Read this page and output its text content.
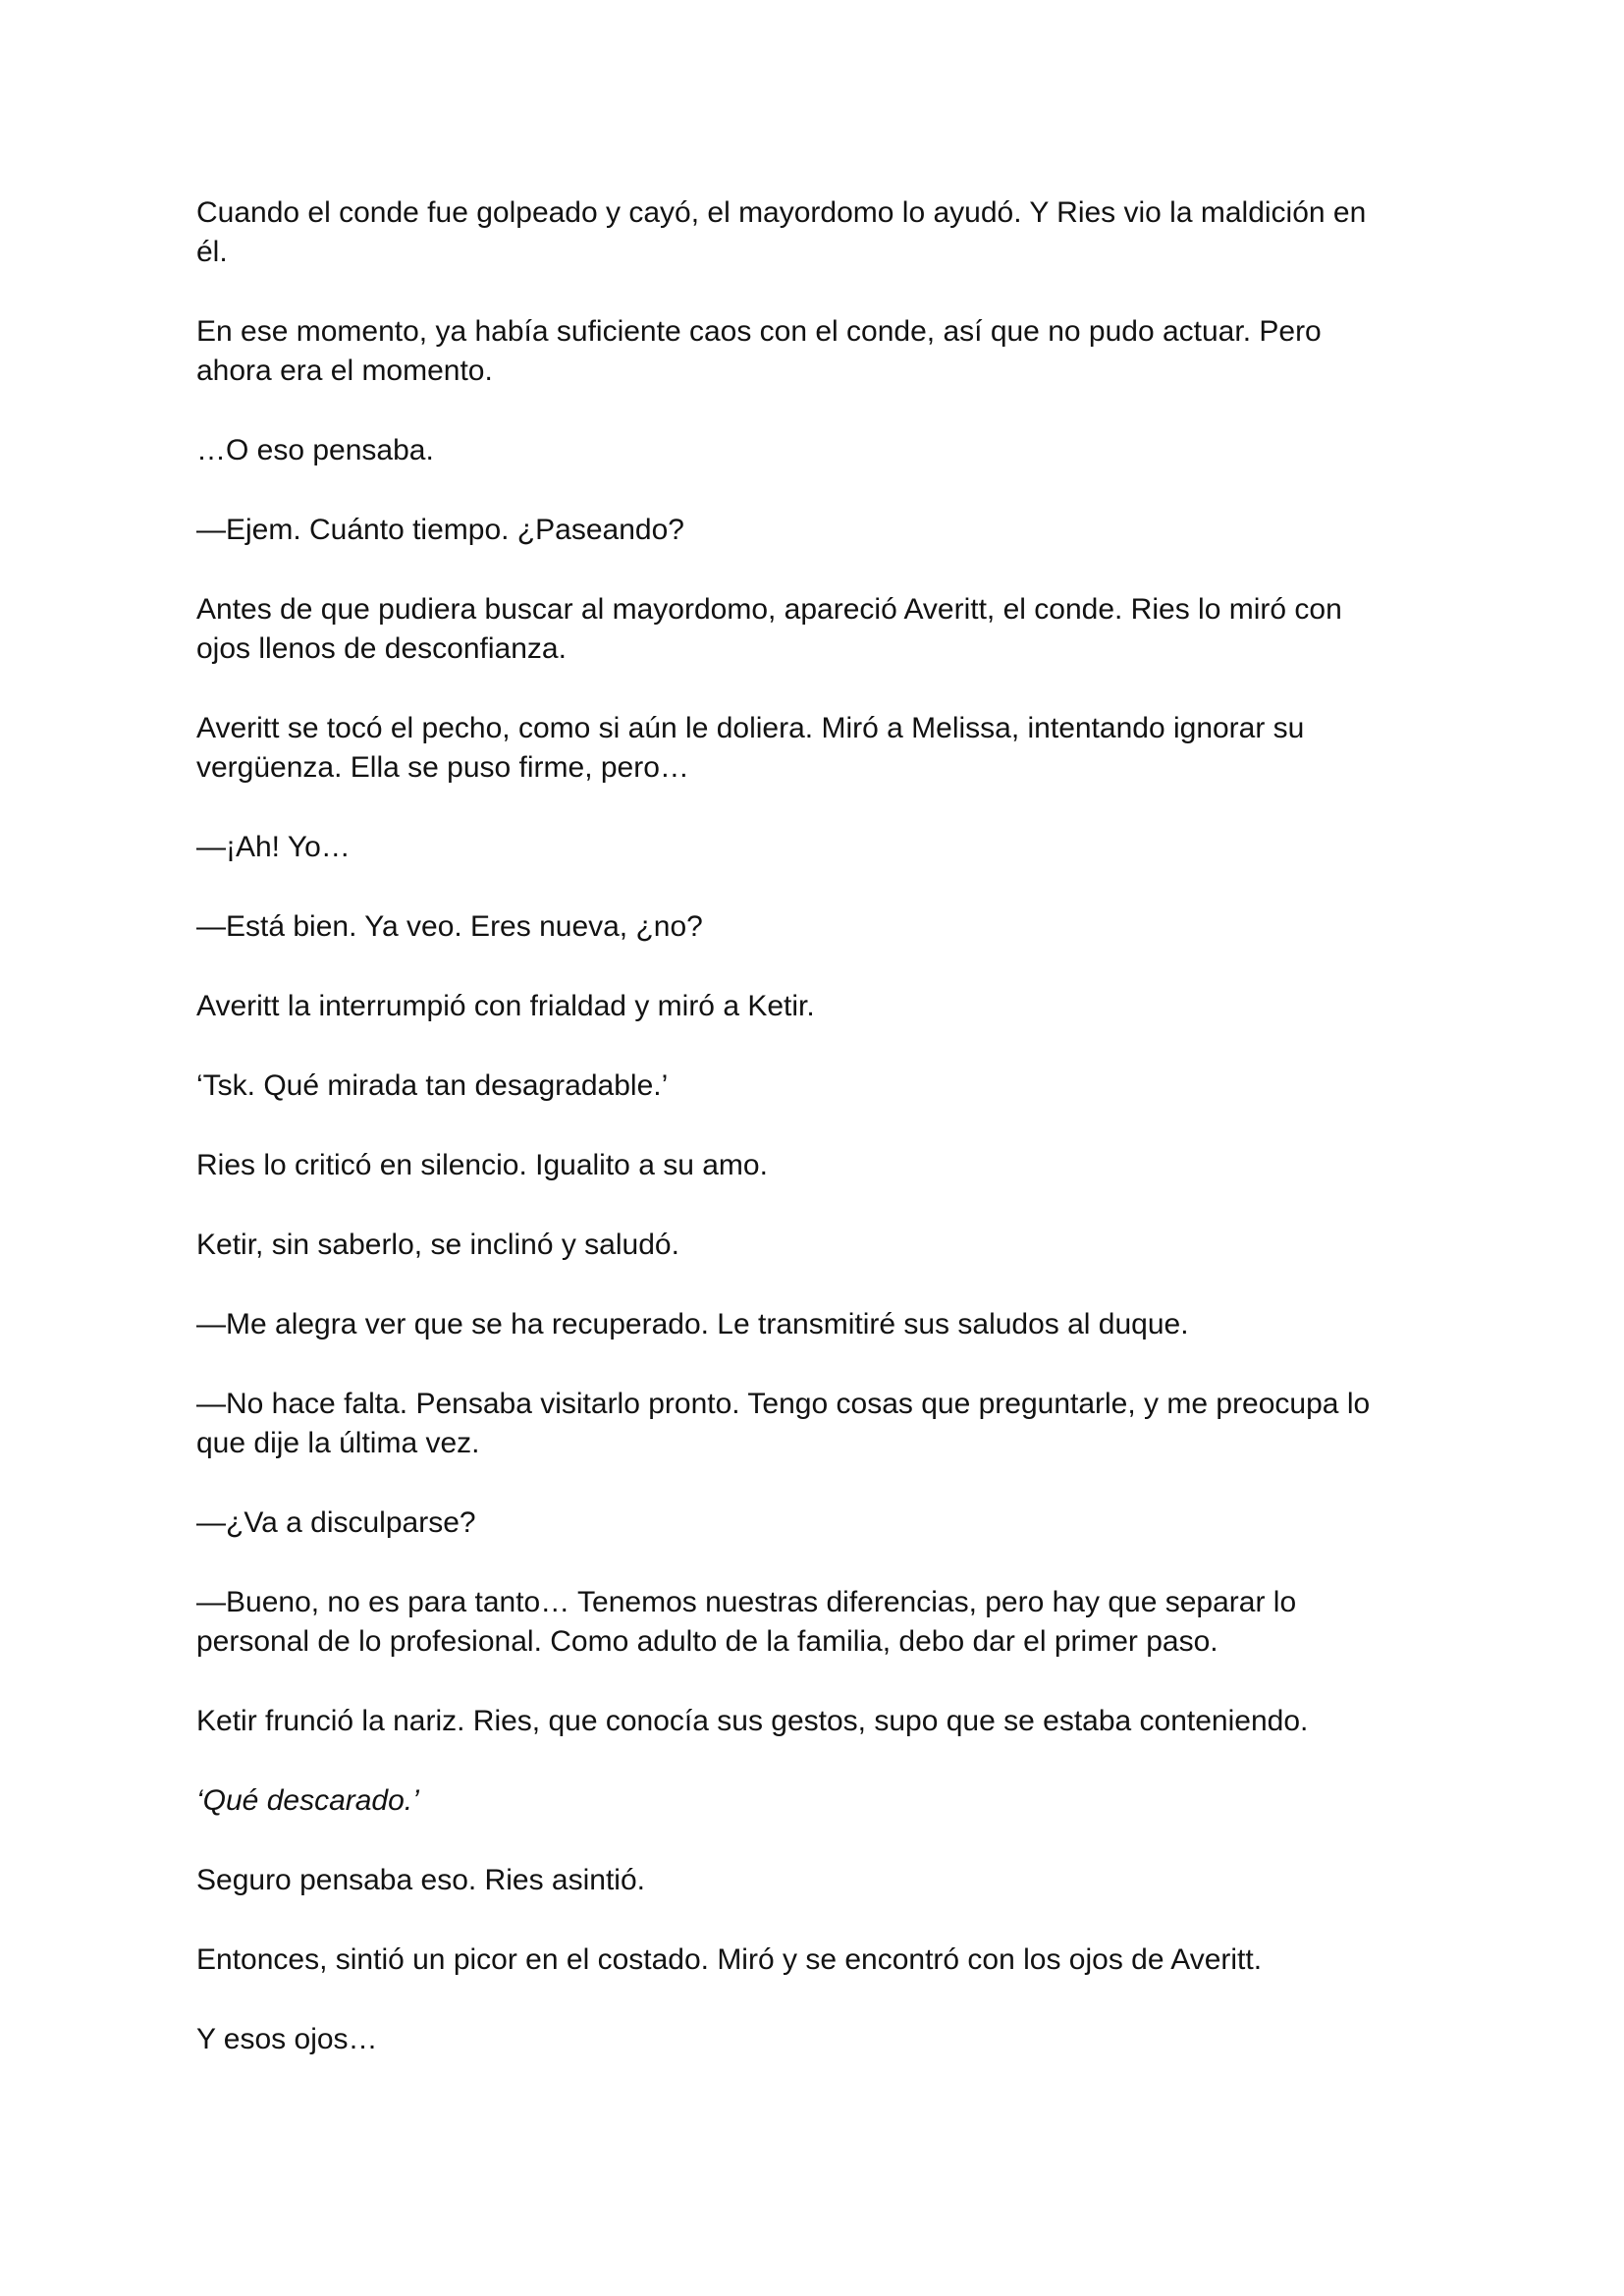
Cuando el conde fue golpeado y cayó, el mayordomo lo ayudó. Y Ries vio la maldición en
él.

En ese momento, ya había suficiente caos con el conde, así que no pudo actuar. Pero
ahora era el momento.

…O eso pensaba.

—Ejem. Cuánto tiempo. ¿Paseando?

Antes de que pudiera buscar al mayordomo, apareció Averitt, el conde. Ries lo miró con
ojos llenos de desconfianza.

Averitt se tocó el pecho, como si aún le doliera. Miró a Melissa, intentando ignorar su
vergüenza. Ella se puso firme, pero…

—¡Ah! Yo…

—Está bien. Ya veo. Eres nueva, ¿no?

Averitt la interrumpió con frialdad y miró a Ketir.

‘Tsk. Qué mirada tan desagradable.’

Ries lo criticó en silencio. Igualito a su amo.

Ketir, sin saberlo, se inclinó y saludó.

—Me alegra ver que se ha recuperado. Le transmitiré sus saludos al duque.

—No hace falta. Pensaba visitarlo pronto. Tengo cosas que preguntarle, y me preocupa lo
que dije la última vez.

—¿Va a disculparse?

—Bueno, no es para tanto… Tenemos nuestras diferencias, pero hay que separar lo
personal de lo profesional. Como adulto de la familia, debo dar el primer paso.

Ketir frunció la nariz. Ries, que conocía sus gestos, supo que se estaba conteniendo.

‘Qué descarado.’

Seguro pensaba eso. Ries asintió.

Entonces, sintió un picor en el costado. Miró y se encontró con los ojos de Averitt.

Y esos ojos…
